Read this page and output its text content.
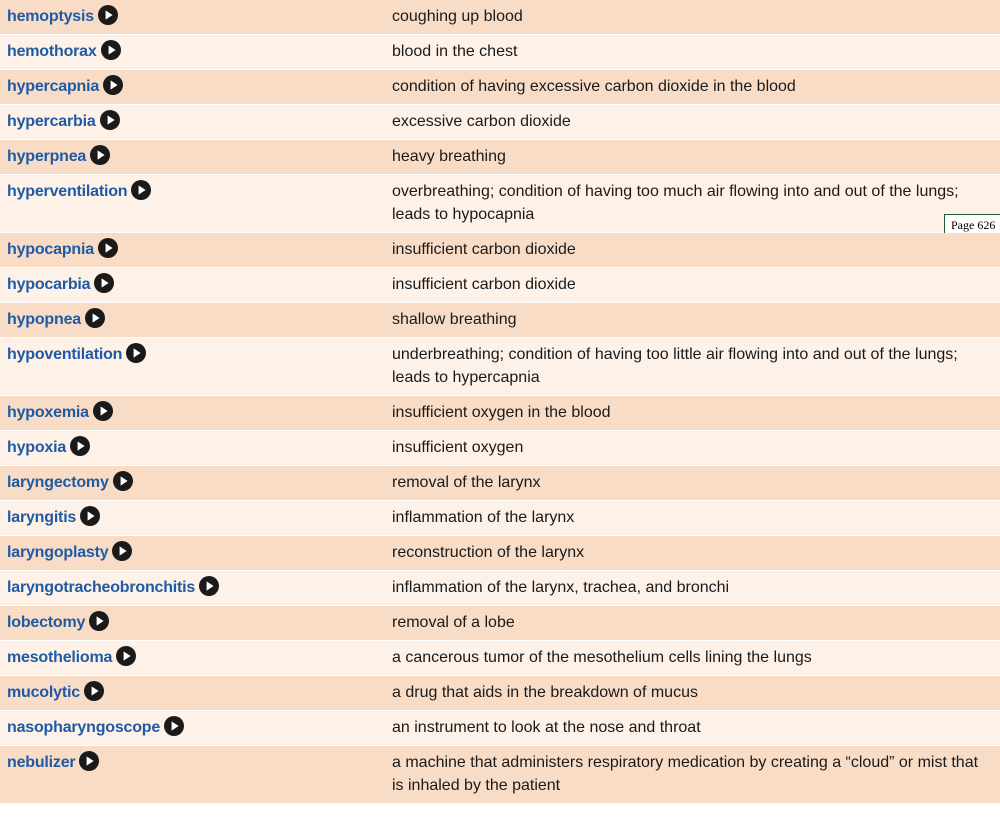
hemoptysis	coughing up blood
hemothorax	blood in the chest
hypercapnia	condition of having excessive carbon dioxide in the blood
hypercarbia	excessive carbon dioxide
hyperpnea	heavy breathing
hyperventilation	overbreathing; condition of having too much air flowing into and out of the lungs; leads to hypocapnia
Page 626

hypocapnia	insufficient carbon dioxide
hypocarbia	insufficient carbon dioxide
hypopnea	shallow breathing
hypoventilation	underbreathing; condition of having too little air flowing into and out of the lungs; leads to hypercapnia
hypoxemia	insufficient oxygen in the blood
hypoxia	insufficient oxygen
laryngectomy	removal of the larynx
laryngitis	inflammation of the larynx
laryngoplasty	reconstruction of the larynx
laryngotracheobronchitis	inflammation of the larynx, trachea, and bronchi
lobectomy	removal of a lobe
mesothelioma	a cancerous tumor of the mesothelium cells lining the lungs
mucolytic	a drug that aids in the breakdown of mucus
nasopharyngoscope	an instrument to look at the nose and throat
nebulizer	a machine that administers respiratory medication by creating a “cloud” or mist that is inhaled by the patient
